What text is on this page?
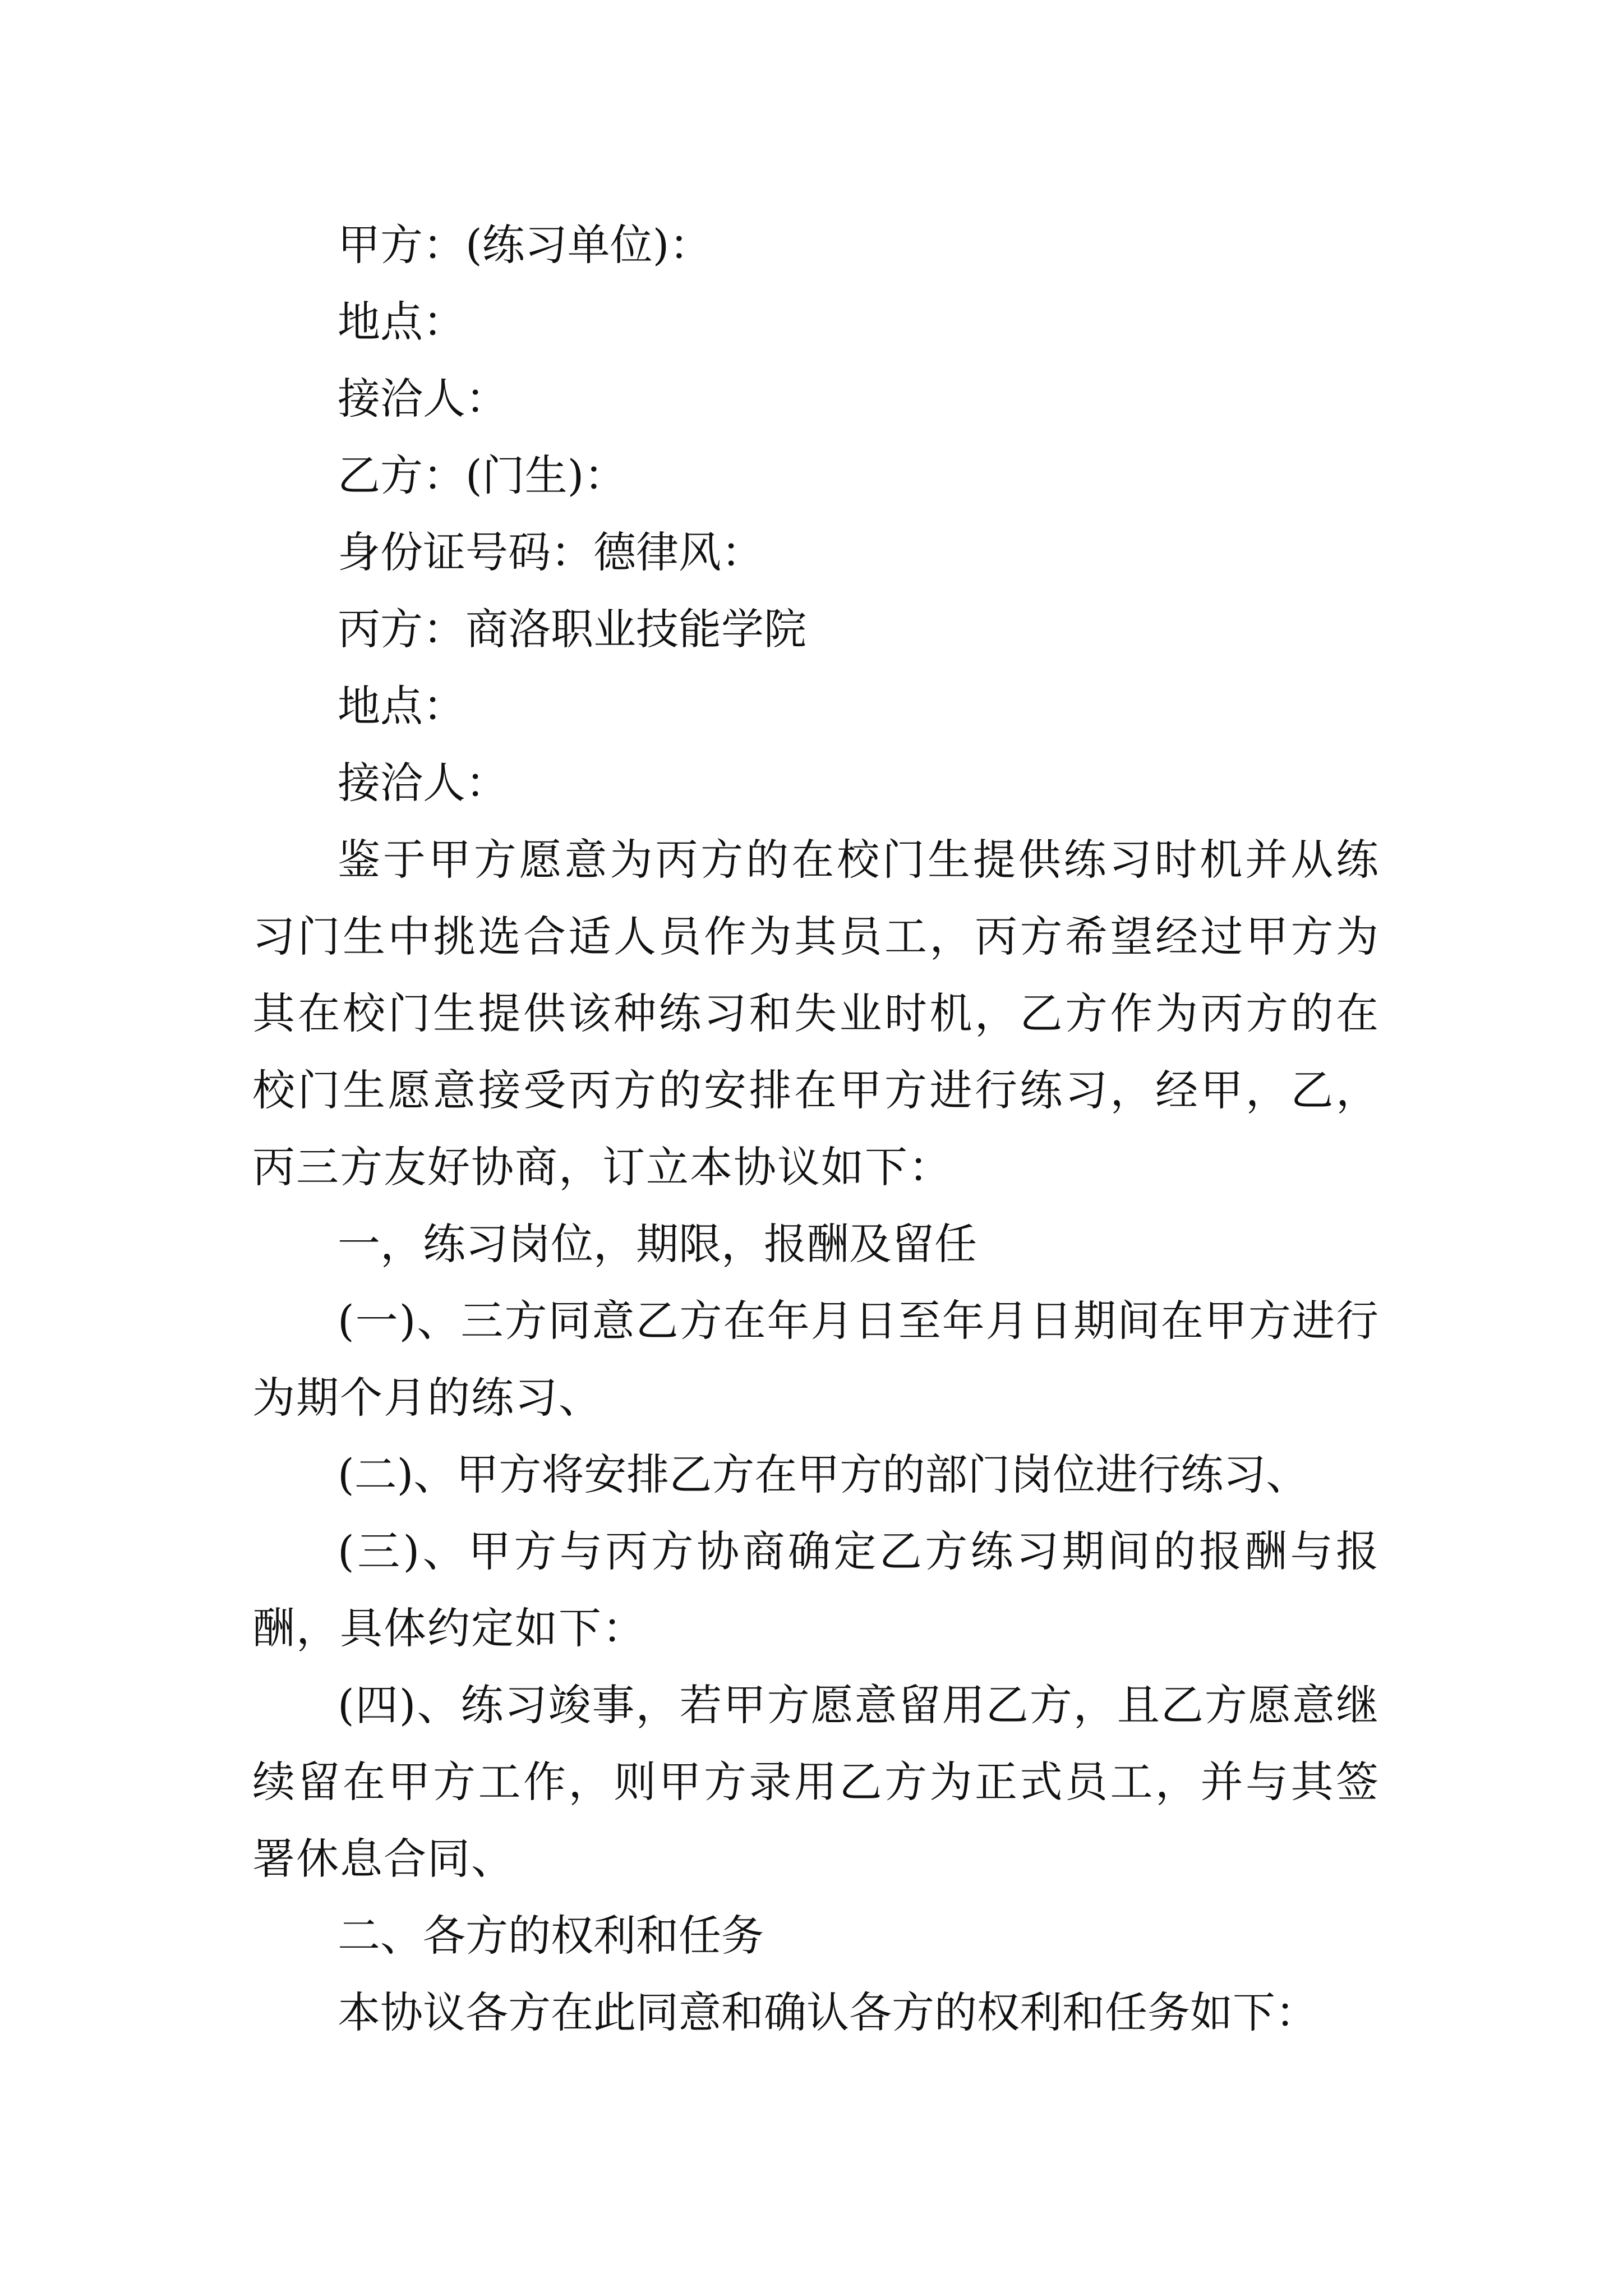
甲方：(练习单位)：
地点：
接洽人：
乙方：(门生)：
身份证号码：德律风：
丙方：商洛职业技能学院
地点：
接洽人：

鉴于甲方愿意为丙方的在校门生提供练习时机并从练习门生中挑选合适人员作为其员工，丙方希望经过甲方为其在校门生提供该种练习和失业时机，乙方作为丙方的在校门生愿意接受丙方的安排在甲方进行练习，经甲，乙，丙三方友好协商，订立本协议如下：

一，练习岗位，期限，报酬及留任

(一)、三方同意乙方在年月日至年月日期间在甲方进行为期个月的练习、

(二)、甲方将安排乙方在甲方的部门岗位进行练习、

(三)、甲方与丙方协商确定乙方练习期间的报酬与报酬，具体约定如下：

(四)、练习竣事，若甲方愿意留用乙方，且乙方愿意继续留在甲方工作，则甲方录用乙方为正式员工，并与其签署休息合同、

二、各方的权利和任务
本协议各方在此同意和确认各方的权利和任务如下：
